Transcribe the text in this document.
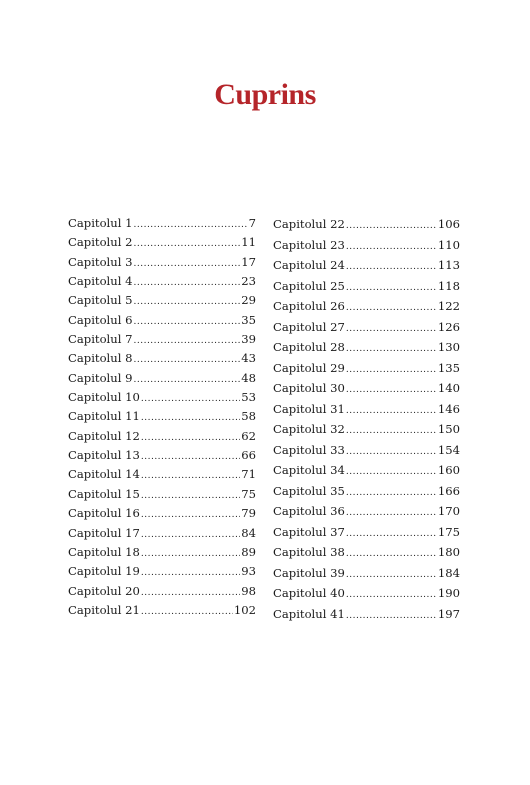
Cuprins
Capitolul 1 .....	7
Capitolul 2 .....	11
Capitolul 3 .....	17
Capitolul 4 .....	23
Capitolul 5 .....	29
Capitolul 6 .....	35
Capitolul 7 .....	39
Capitolul 8 .....	43
Capitolul 9 .....	48
Capitolul 10 .....	53
Capitolul 11 .....	58
Capitolul 12 .....	62
Capitolul 13 .....	66
Capitolul 14 .....	71
Capitolul 15 .....	75
Capitolul 16 .....	79
Capitolul 17 .....	84
Capitolul 18 .....	89
Capitolul 19 .....	93
Capitolul 20 .....	98
Capitolul 21 .....	102
Capitolul 22 .....	106
Capitolul 23 .....	110
Capitolul 24 .....	113
Capitolul 25 .....	118
Capitolul 26 .....	122
Capitolul 27 .....	126
Capitolul 28 .....	130
Capitolul 29 .....	135
Capitolul 30 .....	140
Capitolul 31 .....	146
Capitolul 32 .....	150
Capitolul 33 .....	154
Capitolul 34 .....	160
Capitolul 35 .....	166
Capitolul 36 .....	170
Capitolul 37 .....	175
Capitolul 38 .....	180
Capitolul 39 .....	184
Capitolul 40 .....	190
Capitolul 41 .....	197
